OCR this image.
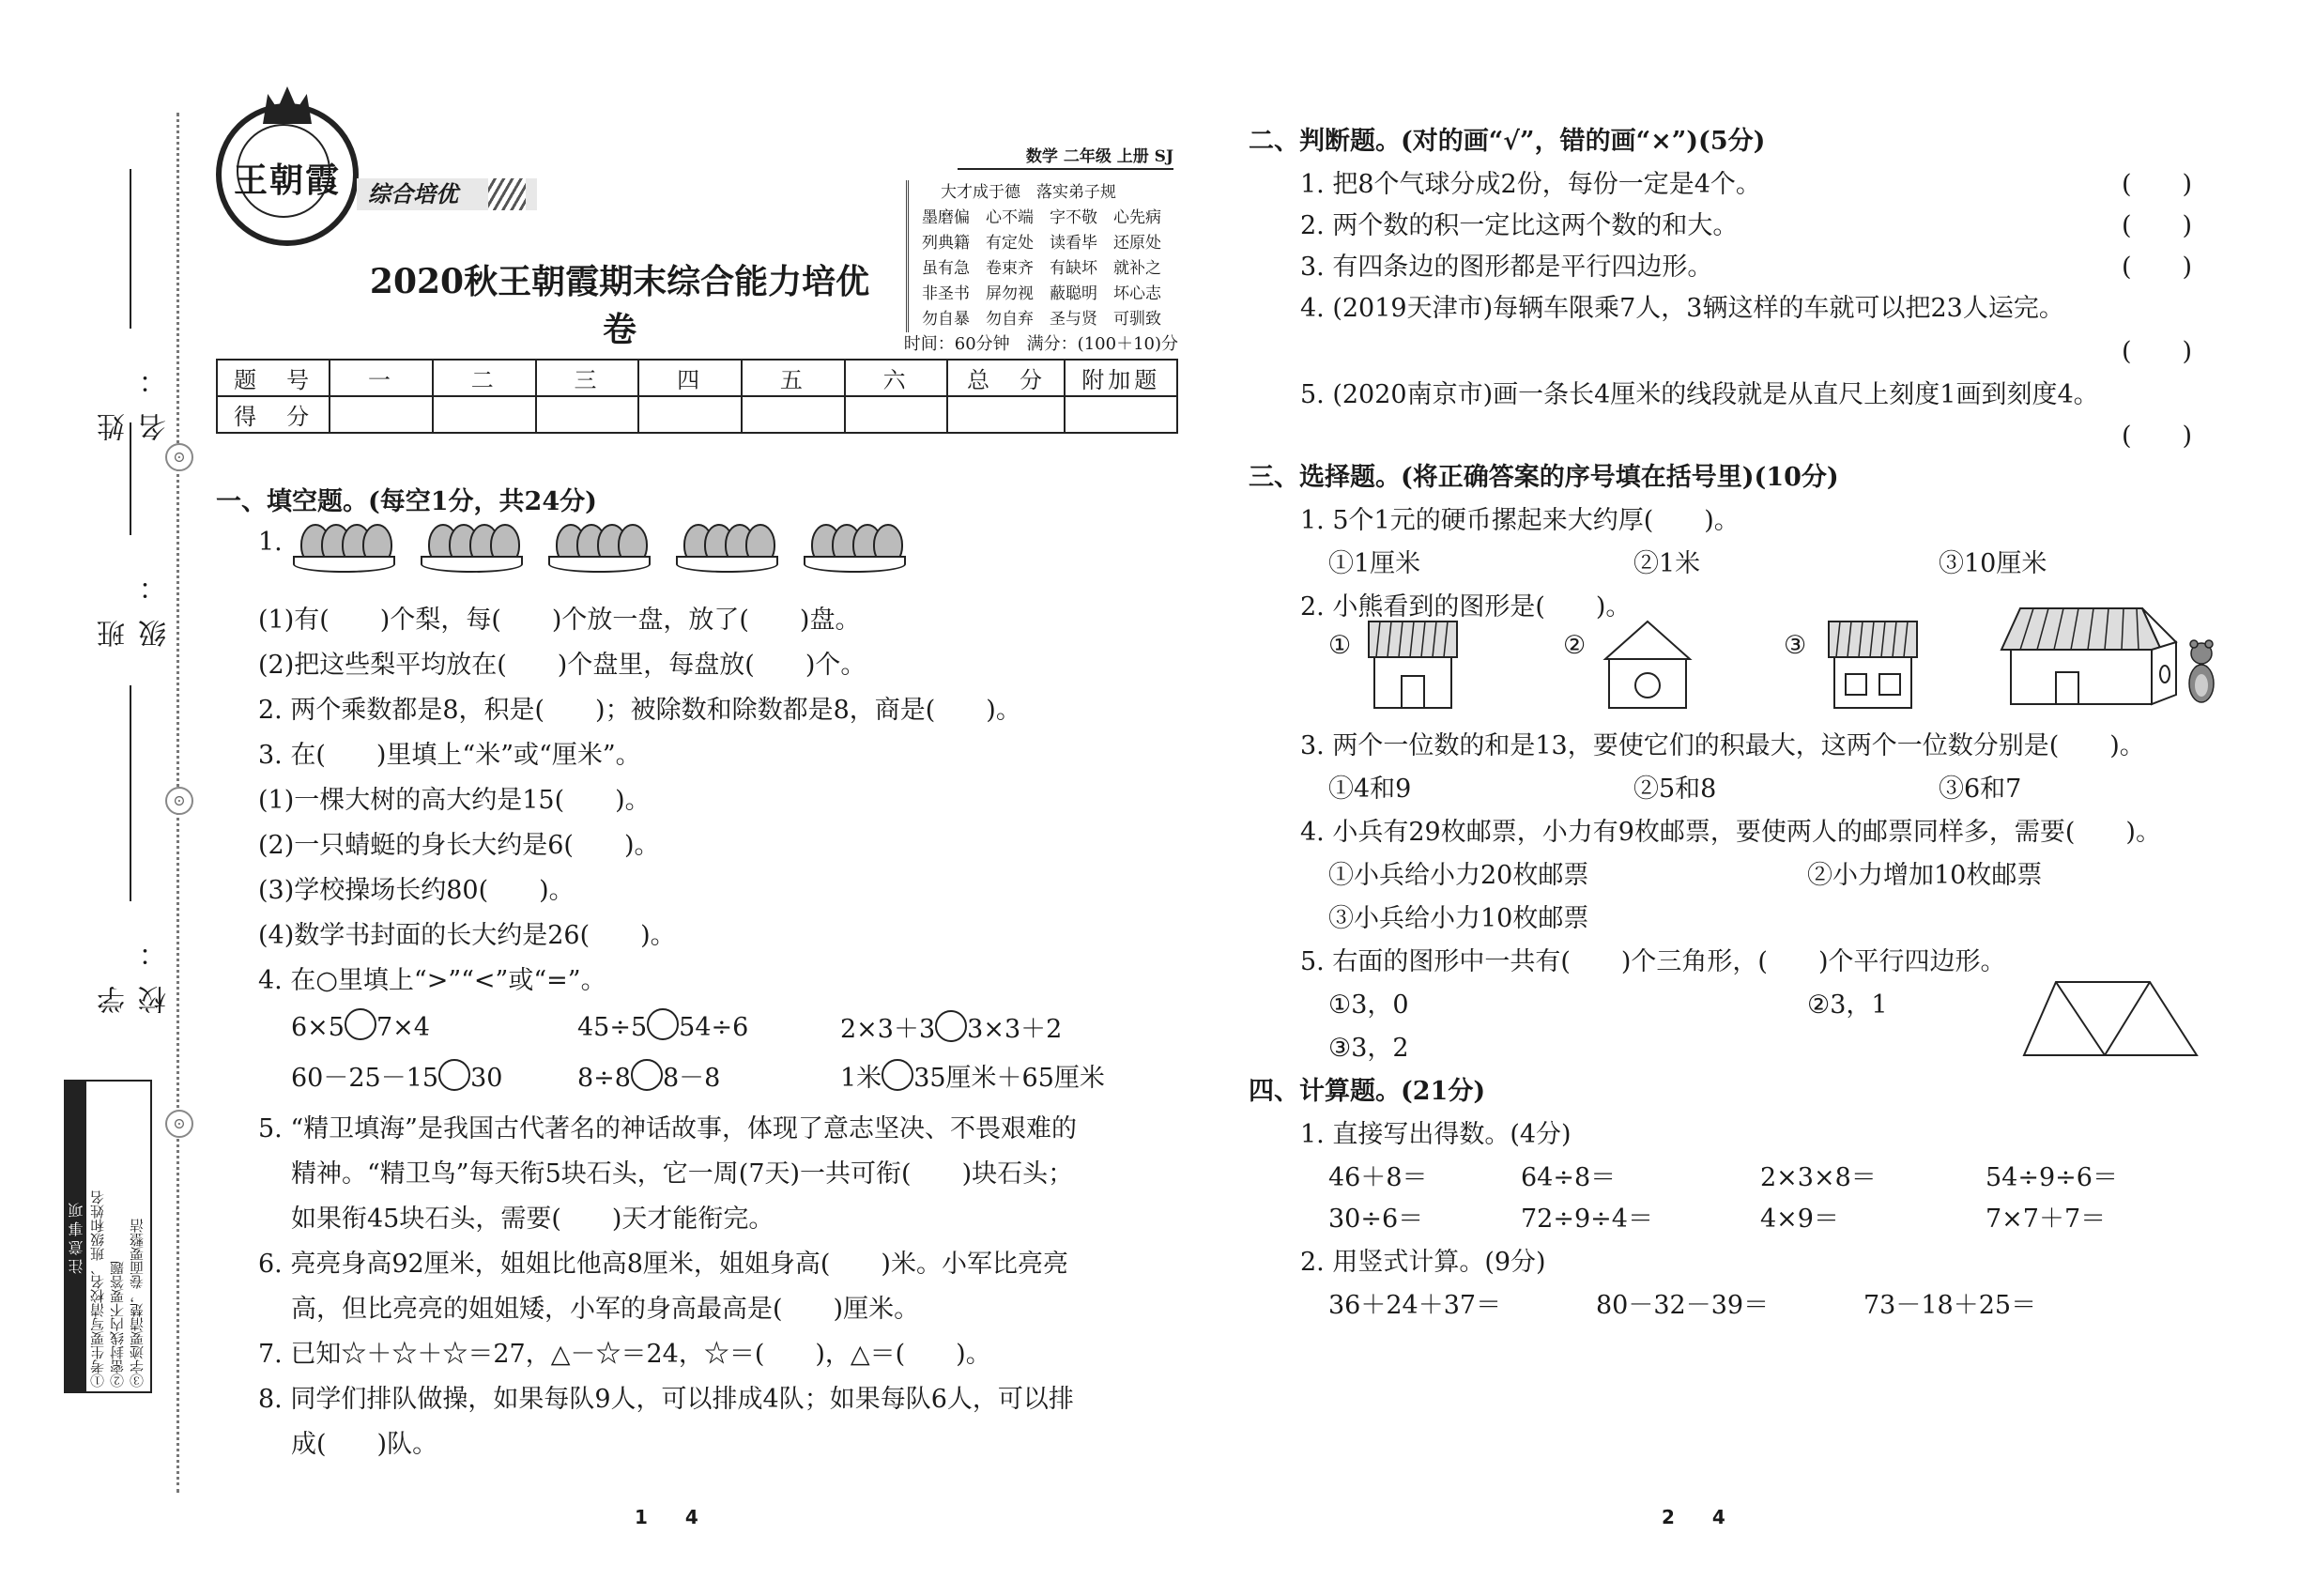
姓　名：
班　级：
学　校：
⊙
⊙
⊙
注意事项 ①考生要写清校名、班级和姓名 ②密封线内不要答题 ③字迹要清楚，卷面要整洁
王朝霞	综合培优
2020秋王朝霞期末综合能力培优卷
数学 二年级 上册 SJ
大才成于德　落实弟子规
墨磨偏　心不端　字不敬　心先病
列典籍　有定处　读看毕　还原处
虽有急　卷束齐　有缺坏　就补之
非圣书　屏勿视　蔽聪明　坏心志
勿自暴　勿自弃　圣与贤　可驯致
时间：60分钟　满分：(100＋10)分
题　号	一	二	三	四	五	六	总　分	附加题
得　分								
一、填空题。(每空1分，共24分)
1.
(1)有(　　)个梨，每(　　)个放一盘，放了(　　)盘。
(2)把这些梨平均放在(　　)个盘里，每盘放(　　)个。
2. 两个乘数都是8，积是(　　)；被除数和除数都是8，商是(　　)。
3. 在(　　)里填上“米”或“厘米”。
(1)一棵大树的高大约是15(　　)。
(2)一只蜻蜓的身长大约是6(　　)。
(3)学校操场长约80(　　)。
(4)数学书封面的长大约是26(　　)。
4. 在○里填上“>”“<”或“=”。
6×5 7×4	45÷5 54÷6	2×3＋3 3×3＋2
60－25－15 30	8÷8 8－8	1米 35厘米＋65厘米
5. “精卫填海”是我国古代著名的神话故事，体现了意志坚决、不畏艰难的
精神。“精卫鸟”每天衔5块石头，它一周(7天)一共可衔(　　)块石头；
如果衔45块石头，需要(　　)天才能衔完。
6. 亮亮身高92厘米，姐姐比他高8厘米，姐姐身高(　　)米。小军比亮亮
高，但比亮亮的姐姐矮，小军的身高最高是(　　)厘米。
7. 已知☆＋☆＋☆＝27，△－☆＝24，☆＝(　　)，△＝(　　)。
8. 同学们排队做操，如果每队9人，可以排成4队；如果每队6人，可以排
成(　　)队。
1　　4
二、判断题。(对的画“√”，错的画“×”)(5分)
1. 把8个气球分成2份，每份一定是4个。	(　　)
2. 两个数的积一定比这两个数的和大。	(　　)
3. 有四条边的图形都是平行四边形。	(　　)
4. (2019天津市)每辆车限乘7人，3辆这样的车就可以把23人运完。
(　　)
5. (2020南京市)画一条长4厘米的线段就是从直尺上刻度1画到刻度4。
(　　)
三、选择题。(将正确答案的序号填在括号里)(10分)
1. 5个1元的硬币摞起来大约厚(　　)。
①1厘米	②1米	③10厘米
2. 小熊看到的图形是(　　)。
①	②	③
3. 两个一位数的和是13，要使它们的积最大，这两个一位数分别是(　　)。
①4和9	②5和8	③6和7
4. 小兵有29枚邮票，小力有9枚邮票，要使两人的邮票同样多，需要(　　)。
①小兵给小力20枚邮票	②小力增加10枚邮票
③小兵给小力10枚邮票
5. 右面的图形中一共有(　　)个三角形，(　　)个平行四边形。
①3，0	②3，1
③3，2
四、计算题。(21分)
1. 直接写出得数。(4分)
46＋8＝	64÷8＝	2×3×8＝	54÷9÷6＝
30÷6＝	72÷9÷4＝	4×9＝	7×7＋7＝
2. 用竖式计算。(9分)
36＋24＋37＝	80－32－39＝	73－18＋25＝
2　　4
